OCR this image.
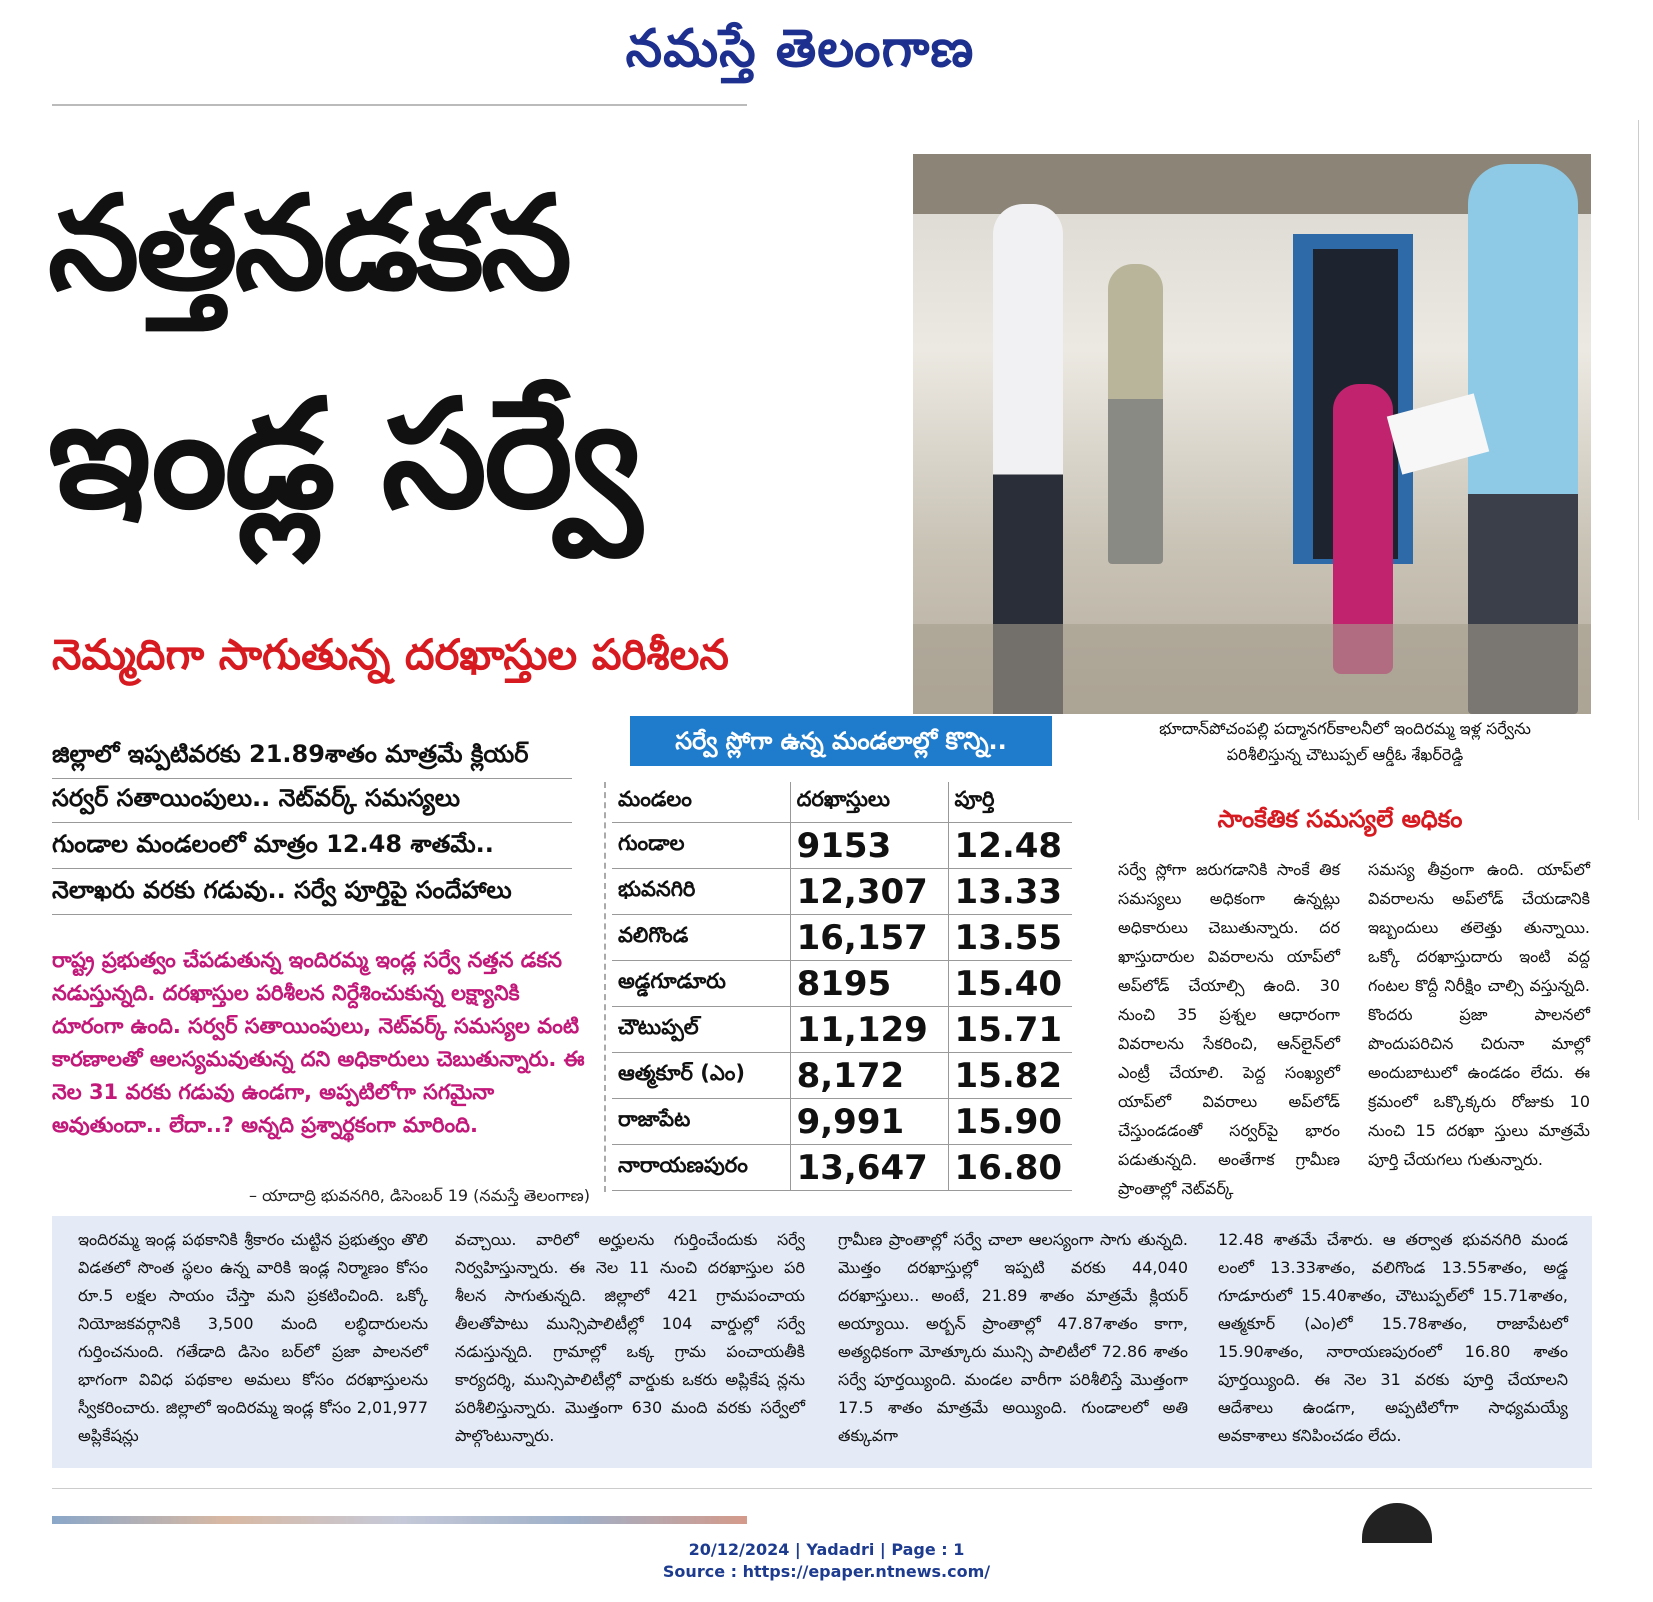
నమస్తే తెలంగాణ
నత్తనడకన
ఇండ్ల సర్వే
నెమ్మదిగా సాగుతున్న దరఖాస్తుల పరిశీలన
భూదాన్‌పోచంపల్లి పద్మానగర్‌కాలనీలో ఇందిరమ్మ ఇళ్ల సర్వేను పరిశీలిస్తున్న చౌటుప్పల్ ఆర్డీఓ శేఖర్‌రెడ్డి
జిల్లాలో ఇప్పటివరకు 21.89శాతం మాత్రమే క్లియర్
సర్వర్ సతాయింపులు.. నెట్‌వర్క్ సమస్యలు
గుండాల మండలంలో మాత్రం 12.48 శాతమే..
నెలాఖరు వరకు గడువు.. సర్వే పూర్తిపై సందేహాలు
రాష్ట్ర ప్రభుత్వం చేపడుతున్న ఇందిరమ్మ ఇండ్ల సర్వే నత్తన డకన నడుస్తున్నది. దరఖాస్తుల పరిశీలన నిర్దేశించుకున్న లక్ష్యానికి దూరంగా ఉంది. సర్వర్ సతాయింపులు, నెట్‌వర్క్ సమస్యల వంటి కారణాలతో ఆలస్యమవుతున్న దని అధికారులు చెబుతున్నారు. ఈ నెల 31 వరకు గడువు ఉండగా, అప్పటిలోగా సగమైనా అవుతుందా.. లేదా..? అన్నది ప్రశ్నార్థకంగా మారింది.
– యాదాద్రి భువనగిరి, డిసెంబర్ 19 (నమస్తే తెలంగాణ)
సర్వే స్లోగా ఉన్న మండలాల్లో కొన్ని..
మండలం	దరఖాస్తులు	పూర్తి
గుండాల	9153	12.48
భువనగిరి	12,307	13.33
వలిగొండ	16,157	13.55
అడ్డగూడూరు	8195	15.40
చౌటుప్పల్	11,129	15.71
ఆత్మకూర్ (ఎం)	8,172	15.82
రాజాపేట	9,991	15.90
నారాయణపురం	13,647	16.80
సాంకేతిక సమస్యలే అధికం
సర్వే స్లోగా జరుగడానికి సాంకే తిక సమస్యలు అధికంగా ఉన్నట్లు అధికారులు చెబుతున్నారు. దర ఖాస్తుదారుల వివరాలను యాప్‌లో అప్‌లోడ్ చేయాల్సి ఉంది. 30 నుంచి 35 ప్రశ్నల ఆధారంగా వివరాలను సేకరించి, ఆన్‌లైన్‌లో ఎంట్రీ చేయాలి. పెద్ద సంఖ్యలో యాప్‌లో వివరాలు అప్‌లోడ్ చేస్తుండడంతో సర్వర్‌పై భారం పడుతున్నది. అంతేగాక గ్రామీణ ప్రాంతాల్లో నెట్‌వర్క్
సమస్య తీవ్రంగా ఉంది. యాప్‌లో వివరాలను అప్‌లోడ్ చేయడానికి ఇబ్బందులు తలెత్తు తున్నాయి. ఒక్కో దరఖాస్తుదారు ఇంటి వద్ద గంటల కొద్దీ నిరీక్షిం చాల్సి వస్తున్నది. కొందరు ప్రజా పాలనలో పొందుపరిచిన చిరునా మాల్లో అందుబాటులో ఉండడం లేదు. ఈ క్రమంలో ఒక్కొక్కరు రోజుకు 10 నుంచి 15 దరఖా స్తులు మాత్రమే పూర్తి చేయగలు గుతున్నారు.
ఇందిరమ్మ ఇండ్ల పథకానికి శ్రీకారం చుట్టిన ప్రభుత్వం తొలి విడతలో సొంత స్థలం ఉన్న వారికి ఇండ్ల నిర్మాణం కోసం రూ.5 లక్షల సాయం చేస్తా మని ప్రకటించింది. ఒక్కో నియోజకవర్గానికి 3,500 మంది లబ్ధిదారులను గుర్తించనుంది. గతేడాది డిసెం బర్‌లో ప్రజా పాలనలో భాగంగా వివిధ పథకాల అమలు కోసం దరఖాస్తులను స్వీకరించారు. జిల్లాలో ఇందిరమ్మ ఇండ్ల కోసం 2,01,977 అప్లికేషన్లు
వచ్చాయి. వారిలో అర్హులను గుర్తించేందుకు సర్వే నిర్వహిస్తున్నారు. ఈ నెల 11 నుంచి దరఖాస్తుల పరి శీలన సాగుతున్నది. జిల్లాలో 421 గ్రామపంచాయ తీలతోపాటు మున్సిపాలిటీల్లో 104 వార్డుల్లో సర్వే నడుస్తున్నది. గ్రామాల్లో ఒక్క గ్రామ పంచాయతీకి కార్యదర్శి, మున్సిపాలిటీల్లో వార్డుకు ఒకరు అప్లికేష న్లను పరిశీలిస్తున్నారు. మొత్తంగా 630 మంది వరకు సర్వేలో పాల్గొంటున్నారు.
గ్రామీణ ప్రాంతాల్లో సర్వే చాలా ఆలస్యంగా సాగు తున్నది. మొత్తం దరఖాస్తుల్లో ఇప్పటి వరకు 44,040 దరఖాస్తులు.. అంటే, 21.89 శాతం మాత్రమే క్లియర్ అయ్యాయి. అర్బన్ ప్రాంతాల్లో 47.87శాతం కాగా, అత్యధికంగా మోత్కూరు మున్సి పాలిటీలో 72.86 శాతం సర్వే పూర్తయ్యింది. మండల వారీగా పరిశీలిస్తే మొత్తంగా 17.5 శాతం మాత్రమే అయ్యింది. గుండాలలో అతి తక్కువగా
12.48 శాతమే చేశారు. ఆ తర్వాత భువనగిరి మండ లంలో 13.33శాతం, వలిగొండ 13.55శాతం, అడ్డ గూడూరులో 15.40శాతం, చౌటుప్పల్‌లో 15.71శాతం, ఆత్మకూర్ (ఎం)లో 15.78శాతం, రాజాపేటలో 15.90శాతం, నారాయణపురంలో 16.80 శాతం పూర్తయ్యింది. ఈ నెల 31 వరకు పూర్తి చేయాలని ఆదేశాలు ఉండగా, అప్పటిలోగా సాధ్యమయ్యే అవకాశాలు కనిపించడం లేదు.
20/12/2024 | Yadadri | Page : 1
Source : https://epaper.ntnews.com/
